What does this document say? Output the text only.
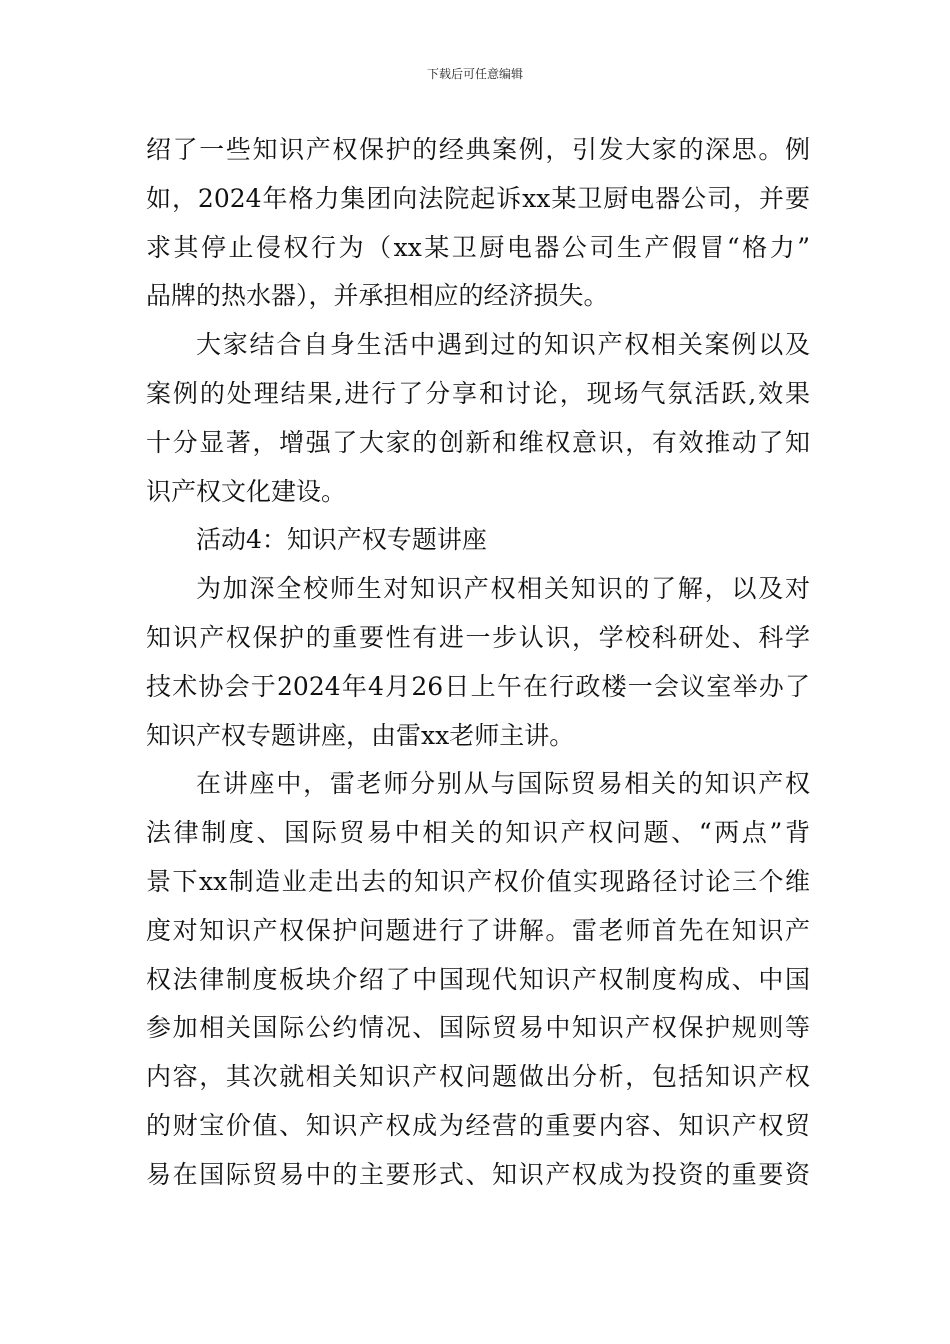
下载后可任意编辑
绍了一些知识产权保护的经典案例，引发大家的深思。例
如，2024年格力集团向法院起诉xx某卫厨电器公司，并要
求其停止侵权行为（xx某卫厨电器公司生产假冒“格力”
品牌的热水器），并承担相应的经济损失。
大家结合自身生活中遇到过的知识产权相关案例以及
案例的处理结果,进行了分享和讨论，现场气氛活跃,效果
十分显著，增强了大家的创新和维权意识，有效推动了知
识产权文化建设。
活动4：知识产权专题讲座
为加深全校师生对知识产权相关知识的了解，以及对
知识产权保护的重要性有进一步认识，学校科研处、科学
技术协会于2024年4月26日上午在行政楼一会议室举办了
知识产权专题讲座，由雷xx老师主讲。
在讲座中，雷老师分别从与国际贸易相关的知识产权
法律制度、国际贸易中相关的知识产权问题、“两点”背
景下xx制造业走出去的知识产权价值实现路径讨论三个维
度对知识产权保护问题进行了讲解。雷老师首先在知识产
权法律制度板块介绍了中国现代知识产权制度构成、中国
参加相关国际公约情况、国际贸易中知识产权保护规则等
内容，其次就相关知识产权问题做出分析，包括知识产权
的财宝价值、知识产权成为经营的重要内容、知识产权贸
易在国际贸易中的主要形式、知识产权成为投资的重要资
